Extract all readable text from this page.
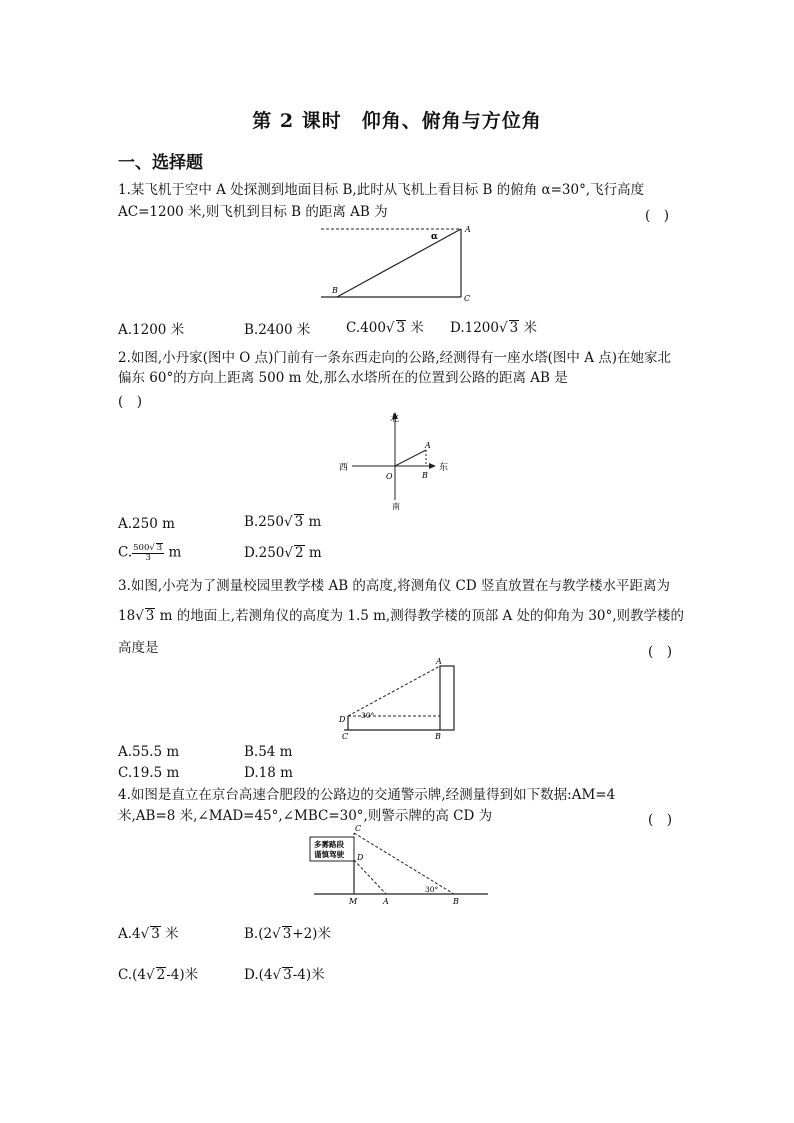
第 2 课时　仰角、俯角与方位角
一、选择题
1.某飞机于空中 A 处探测到地面目标 B,此时从飞机上看目标 B 的俯角 α=30°,飞行高度
AC=1200 米,则飞机到目标 B 的距离 AB 为	(　)
A
B
C
α
A.1200 米	B.2400 米	C.400√ 3 米 D.1200√ 3 米
2.如图,小丹家(图中 O 点)门前有一条东西走向的公路,经测得有一座水塔(图中 A 点)在她家北
偏东 60°的方向上距离 500 m 处,那么水塔所在的位置到公路的距离 AB 是
(　)
北
南
东
西
O
A
B
A.250 m	B.250√ 3 m
C. $\frac{500√ 3}{3}$ m	D.250√ 2 m
3.如图,小亮为了测量校园里教学楼 AB 的高度,将测角仪 CD 竖直放置在与教学楼水平距离为
18√ 3 m 的地面上,若测角仪的高度为 1.5 m,测得教学楼的顶部 A 处的仰角为 30°,则教学楼的
高度是	(　)
A
B
C
D 30°
A.55.5 m	B.54 m
C.19.5 m	D.18 m
4.如图是直立在京台高速合肥段的公路边的交通警示牌,经测量得到如下数据:AM=4
米,AB=8 米,∠MAD=45°,∠MBC=30°,则警示牌的高 CD 为	(　)
多雾路段
谨慎驾驶
C
D
M	A	B
30°
A.4√ 3 米	B.(2√ 3+2)米
C.(4√ 2-4)米	D.(4√ 3-4)米
